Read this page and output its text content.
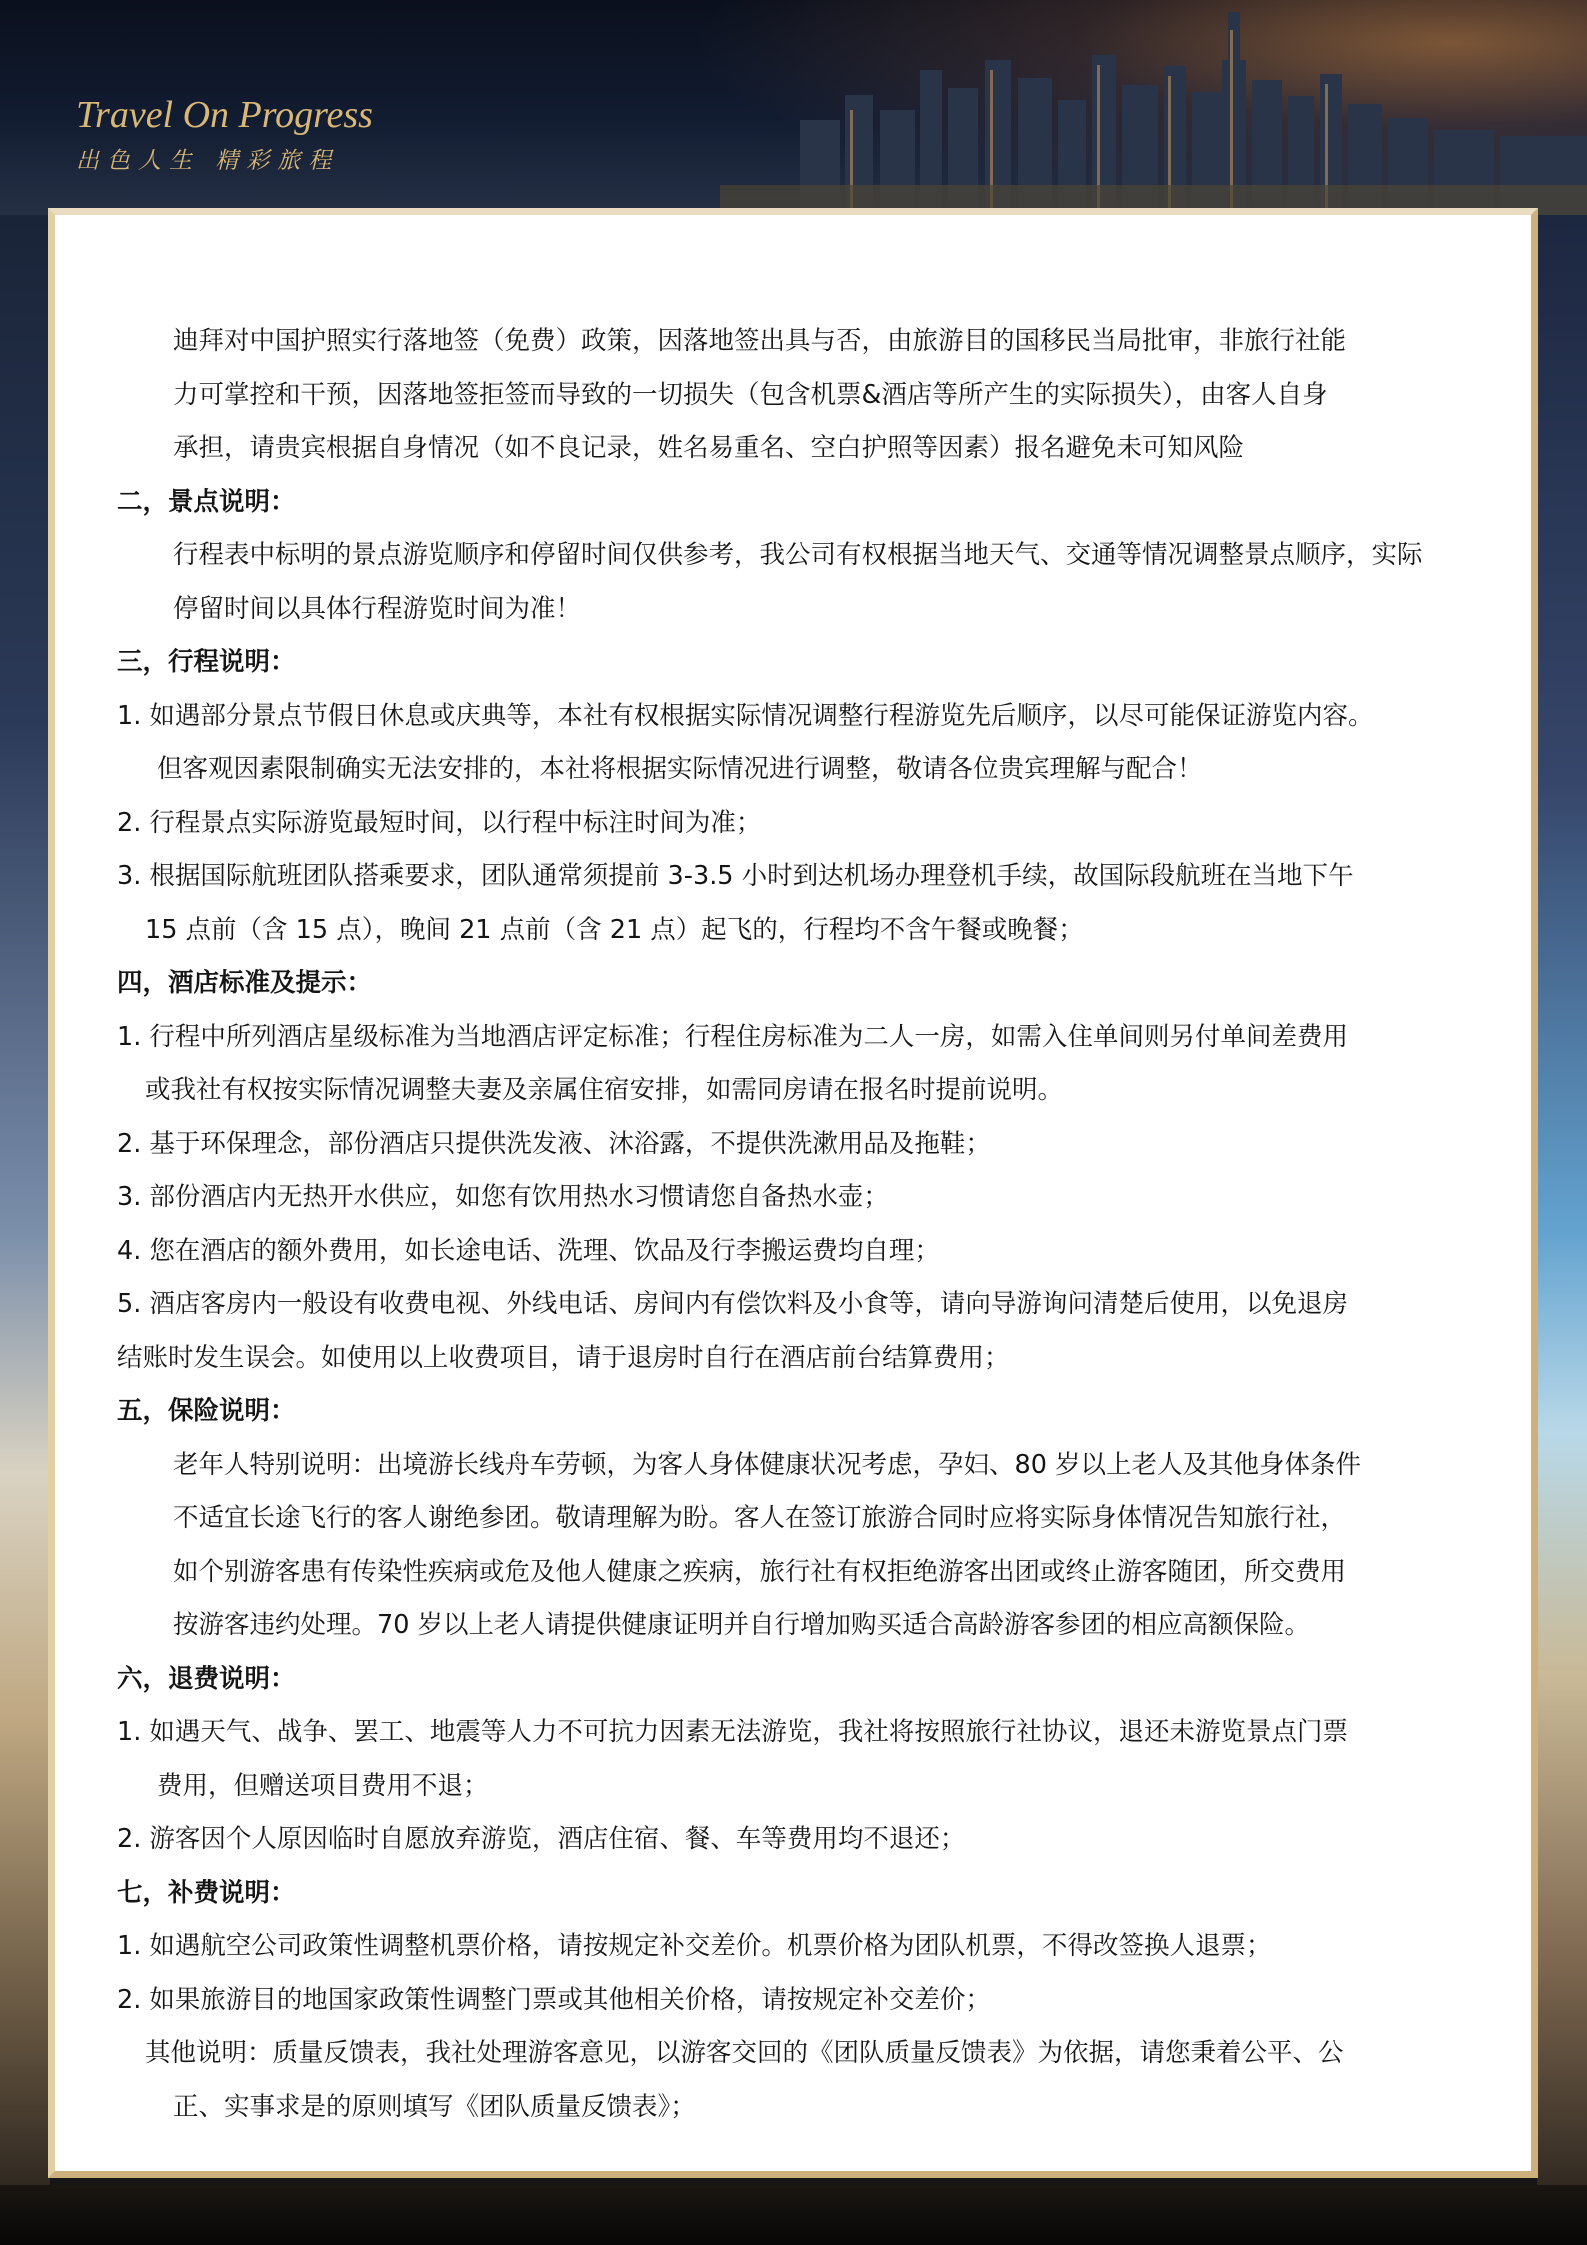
Travel On Progress
出色人生 精彩旅程
迪拜对中国护照实行落地签（免费）政策，因落地签出具与否，由旅游目的国移民当局批审，非旅行社能
力可掌控和干预，因落地签拒签而导致的一切损失（包含机票&酒店等所产生的实际损失），由客人自身
承担，请贵宾根据自身情况（如不良记录，姓名易重名、空白护照等因素）报名避免未可知风险
二，景点说明：
行程表中标明的景点游览顺序和停留时间仅供参考，我公司有权根据当地天气、交通等情况调整景点顺序，实际
停留时间以具体行程游览时间为准！
三，行程说明：
1. 如遇部分景点节假日休息或庆典等，本社有权根据实际情况调整行程游览先后顺序，以尽可能保证游览内容。
但客观因素限制确实无法安排的，本社将根据实际情况进行调整，敬请各位贵宾理解与配合！
2. 行程景点实际游览最短时间，以行程中标注时间为准；
3. 根据国际航班团队搭乘要求，团队通常须提前 3-3.5 小时到达机场办理登机手续，故国际段航班在当地下午
15 点前（含 15 点），晚间 21 点前（含 21 点）起飞的，行程均不含午餐或晚餐；
四，酒店标准及提示：
1. 行程中所列酒店星级标准为当地酒店评定标准；行程住房标准为二人一房，如需入住单间则另付单间差费用
或我社有权按实际情况调整夫妻及亲属住宿安排，如需同房请在报名时提前说明。
2. 基于环保理念，部份酒店只提供洗发液、沐浴露，不提供洗漱用品及拖鞋；
3. 部份酒店内无热开水供应，如您有饮用热水习惯请您自备热水壶；
4. 您在酒店的额外费用，如长途电话、洗理、饮品及行李搬运费均自理；
5. 酒店客房内一般设有收费电视、外线电话、房间内有偿饮料及小食等，请向导游询问清楚后使用，以免退房
结账时发生误会。如使用以上收费项目，请于退房时自行在酒店前台结算费用；
五，保险说明：
老年人特别说明：出境游长线舟车劳顿，为客人身体健康状况考虑，孕妇、80 岁以上老人及其他身体条件
不适宜长途飞行的客人谢绝参团。敬请理解为盼。客人在签订旅游合同时应将实际身体情况告知旅行社，
如个别游客患有传染性疾病或危及他人健康之疾病，旅行社有权拒绝游客出团或终止游客随团，所交费用
按游客违约处理。70 岁以上老人请提供健康证明并自行增加购买适合高龄游客参团的相应高额保险。
六，退费说明：
1. 如遇天气、战争、罢工、地震等人力不可抗力因素无法游览，我社将按照旅行社协议，退还未游览景点门票
费用，但赠送项目费用不退；
2. 游客因个人原因临时自愿放弃游览，酒店住宿、餐、车等费用均不退还；
七，补费说明：
1. 如遇航空公司政策性调整机票价格，请按规定补交差价。机票价格为团队机票，不得改签换人退票；
2. 如果旅游目的地国家政策性调整门票或其他相关价格，请按规定补交差价；
其他说明：质量反馈表，我社处理游客意见，以游客交回的《团队质量反馈表》为依据，请您秉着公平、公
正、实事求是的原则填写《团队质量反馈表》；
